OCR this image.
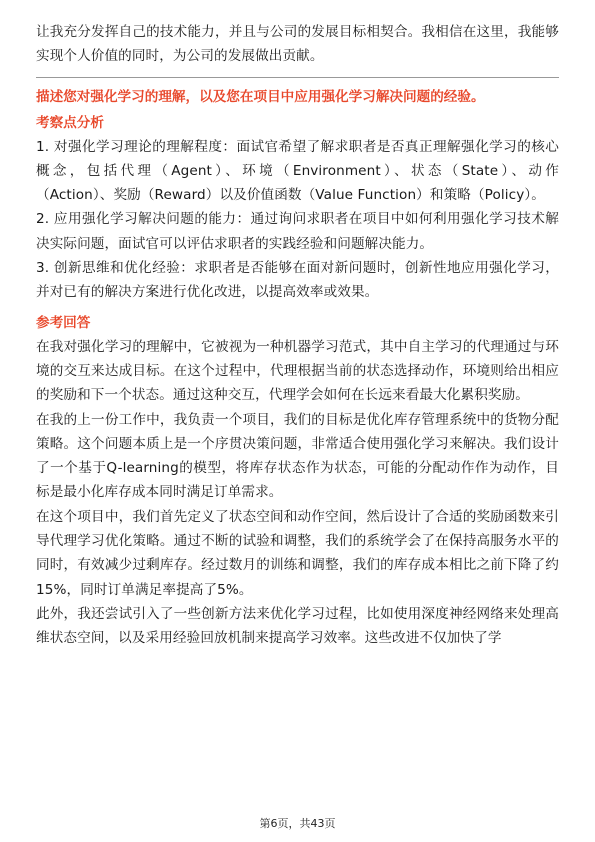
让我充分发挥自己的技术能力，并且与公司的发展目标相契合。我相信在这里，我能够实现个人价值的同时，为公司的发展做出贡献。

描述您对强化学习的理解，以及您在项目中应用强化学习解决问题的经验。

考察点分析

1. 对强化学习理论的理解程度：面试官希望了解求职者是否真正理解强化学习的核心概念，包括代理（Agent）、环境（Environment）、状态（State）、动作（Action）、奖励（Reward）以及价值函数（Value Function）和策略（Policy）。

2. 应用强化学习解决问题的能力：通过询问求职者在项目中如何利用强化学习技术解决实际问题，面试官可以评估求职者的实践经验和问题解决能力。

3. 创新思维和优化经验：求职者是否能够在面对新问题时，创新性地应用强化学习，并对已有的解决方案进行优化改进，以提高效率或效果。

参考回答

在我对强化学习的理解中，它被视为一种机器学习范式，其中自主学习的代理通过与环境的交互来达成目标。在这个过程中，代理根据当前的状态选择动作，环境则给出相应的奖励和下一个状态。通过这种交互，代理学会如何在长远来看最大化累积奖励。

在我的上一份工作中，我负责一个项目，我们的目标是优化库存管理系统中的货物分配策略。这个问题本质上是一个序贯决策问题，非常适合使用强化学习来解决。我们设计了一个基于Q-learning的模型，将库存状态作为状态，可能的分配动作作为动作，目标是最小化库存成本同时满足订单需求。

在这个项目中，我们首先定义了状态空间和动作空间，然后设计了合适的奖励函数来引导代理学习优化策略。通过不断的试验和调整，我们的系统学会了在保持高服务水平的同时，有效减少过剩库存。经过数月的训练和调整，我们的库存成本相比之前下降了约15%，同时订单满足率提高了5%。

此外，我还尝试引入了一些创新方法来优化学习过程，比如使用深度神经网络来处理高维状态空间，以及采用经验回放机制来提高学习效率。这些改进不仅加快了学

第6页，共43页
